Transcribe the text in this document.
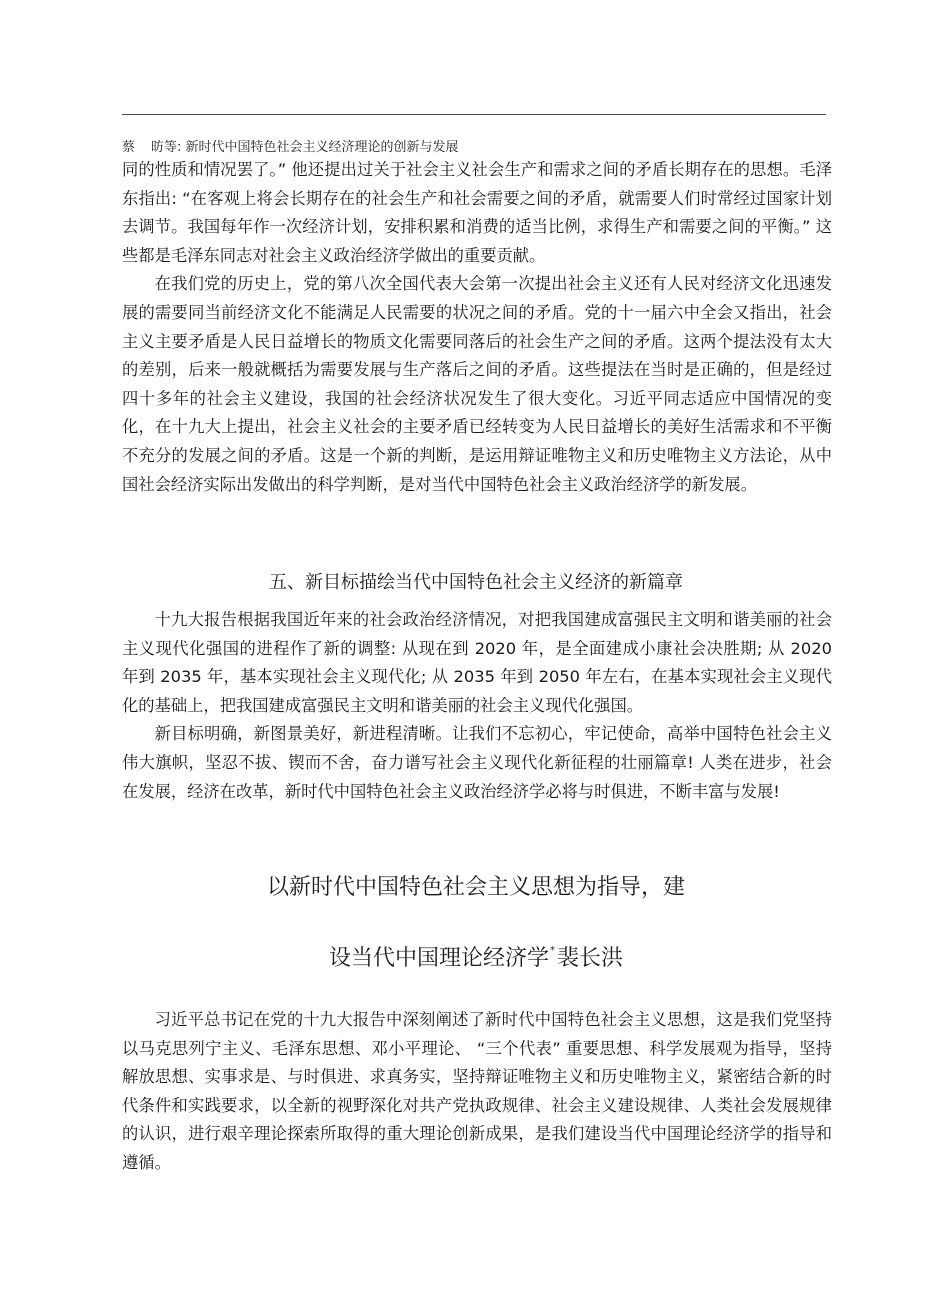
蔡 昉等: 新时代中国特色社会主义经济理论的创新与发展

同的性质和情况罢了。” 他还提出过关于社会主义社会生产和需求之间的矛盾长期存在的思想。毛泽东指出: “在客观上将会长期存在的社会生产和社会需要之间的矛盾，就需要人们时常经过国家计划去调节。我国每年作一次经济计划，安排积累和消费的适当比例，求得生产和需要之间的平衡。” 这些都是毛泽东同志对社会主义政治经济学做出的重要贡献。

在我们党的历史上，党的第八次全国代表大会第一次提出社会主义还有人民对经济文化迅速发展的需要同当前经济文化不能满足人民需要的状况之间的矛盾。党的十一届六中全会又指出，社会主义主要矛盾是人民日益增长的物质文化需要同落后的社会生产之间的矛盾。这两个提法没有太大的差别，后来一般就概括为需要发展与生产落后之间的矛盾。这些提法在当时是正确的，但是经过四十多年的社会主义建设，我国的社会经济状况发生了很大变化。习近平同志适应中国情况的变化，在十九大上提出，社会主义社会的主要矛盾已经转变为人民日益增长的美好生活需求和不平衡不充分的发展之间的矛盾。这是一个新的判断，是运用辩证唯物主义和历史唯物主义方法论，从中国社会经济实际出发做出的科学判断，是对当代中国特色社会主义政治经济学的新发展。

五、新目标描绘当代中国特色社会主义经济的新篇章

十九大报告根据我国近年来的社会政治经济情况，对把我国建成富强民主文明和谐美丽的社会主义现代化强国的进程作了新的调整: 从现在到 2020 年，是全面建成小康社会决胜期; 从 2020 年到 2035 年，基本实现社会主义现代化; 从 2035 年到 2050 年左右，在基本实现社会主义现代化的基础上，把我国建成富强民主文明和谐美丽的社会主义现代化强国。

新目标明确，新图景美好，新进程清晰。让我们不忘初心，牢记使命，高举中国特色社会主义伟大旗帜，坚忍不拔、锲而不舍，奋力谱写社会主义现代化新征程的壮丽篇章! 人类在进步，社会在发展，经济在改革，新时代中国特色社会主义政治经济学必将与时俱进，不断丰富与发展!

以新时代中国特色社会主义思想为指导，建
设当代中国理论经济学*裴长洪

习近平总书记在党的十九大报告中深刻阐述了新时代中国特色社会主义思想，这是我们党坚持以马克思列宁主义、毛泽东思想、邓小平理论、 “三个代表” 重要思想、科学发展观为指导，坚持解放思想、实事求是、与时俱进、求真务实，坚持辩证唯物主义和历史唯物主义，紧密结合新的时代条件和实践要求，以全新的视野深化对共产党执政规律、社会主义建设规律、人类社会发展规律的认识，进行艰辛理论探索所取得的重大理论创新成果，是我们建设当代中国理论经济学的指导和遵循。
